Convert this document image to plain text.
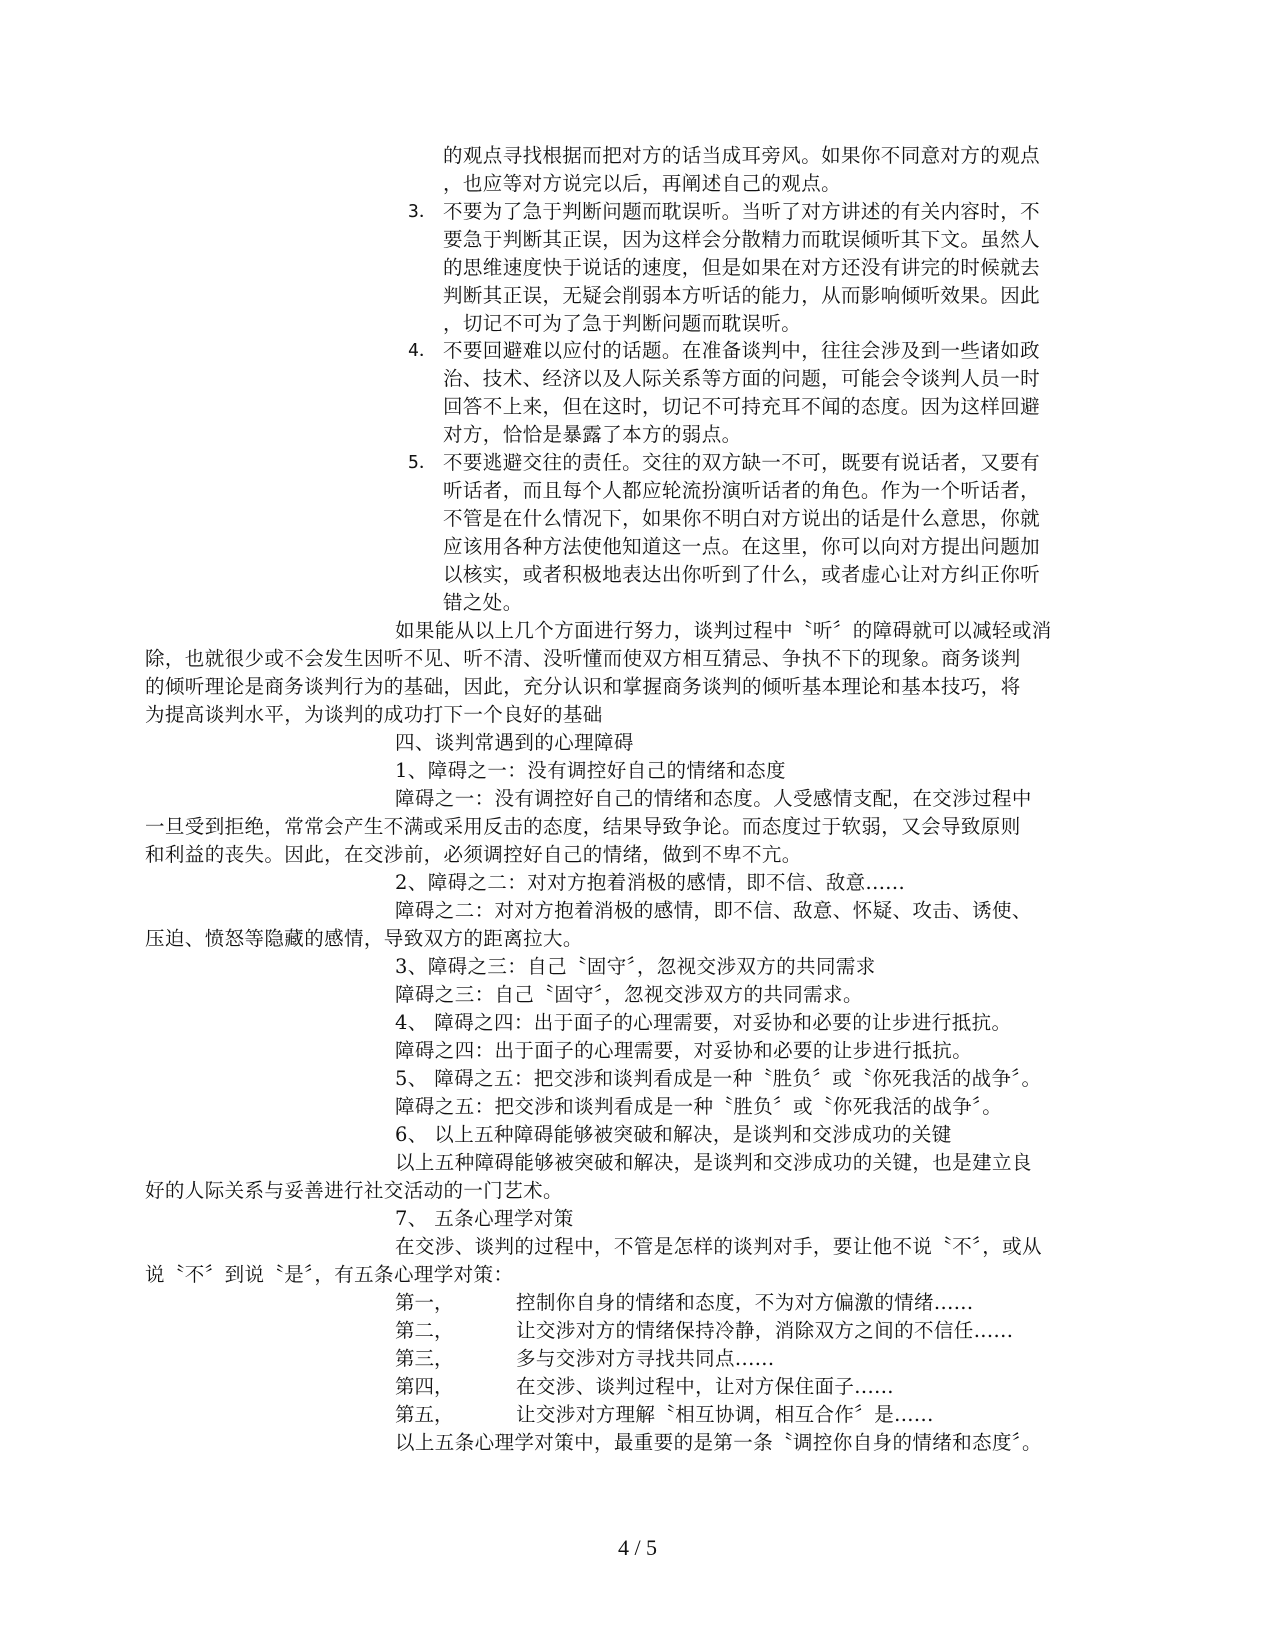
的观点寻找根据而把对方的话当成耳旁风。如果你不同意对方的观点
，也应等对方说完以后，再阐述自己的观点。
3． 不要为了急于判断问题而耽误听。当听了对方讲述的有关内容时，不
要急于判断其正误，因为这样会分散精力而耽误倾听其下文。虽然人
的思维速度快于说话的速度，但是如果在对方还没有讲完的时候就去
判断其正误，无疑会削弱本方听话的能力，从而影响倾听效果。因此
，切记不可为了急于判断问题而耽误听。
4． 不要回避难以应付的话题。在准备谈判中，往往会涉及到一些诸如政
治、技术、经济以及人际关系等方面的问题，可能会令谈判人员一时
回答不上来，但在这时，切记不可持充耳不闻的态度。因为这样回避
对方，恰恰是暴露了本方的弱点。
5． 不要逃避交往的责任。交往的双方缺一不可，既要有说话者，又要有
听话者，而且每个人都应轮流扮演听话者的角色。作为一个听话者，
不管是在什么情况下，如果你不明白对方说出的话是什么意思，你就
应该用各种方法使他知道这一点。在这里，你可以向对方提出问题加
以核实，或者积极地表达出你听到了什么，或者虚心让对方纠正你听
错之处。
如果能从以上几个方面进行努力，谈判过程中〝听〞的障碍就可以减轻或消
除，也就很少或不会发生因听不见、听不清、没听懂而使双方相互猜忌、争执不下的现象。商务谈判
的倾听理论是商务谈判行为的基础，因此，充分认识和掌握商务谈判的倾听基本理论和基本技巧，将
为提高谈判水平，为谈判的成功打下一个良好的基础
四、谈判常遇到的心理障碍
1、障碍之一：没有调控好自己的情绪和态度
障碍之一：没有调控好自己的情绪和态度。人受感情支配，在交涉过程中
一旦受到拒绝，常常会产生不满或采用反击的态度，结果导致争论。而态度过于软弱，又会导致原则
和利益的丧失。因此，在交涉前，必须调控好自己的情绪，做到不卑不亢。
2、障碍之二：对对方抱着消极的感情，即不信、敌意......
障碍之二：对对方抱着消极的感情，即不信、敌意、怀疑、攻击、诱使、
压迫、愤怒等隐藏的感情，导致双方的距离拉大。
3、障碍之三：自己〝固守〞，忽视交涉双方的共同需求
障碍之三：自己〝固守〞，忽视交涉双方的共同需求。
4、 障碍之四：出于面子的心理需要，对妥协和必要的让步进行抵抗。
障碍之四：出于面子的心理需要，对妥协和必要的让步进行抵抗。
5、 障碍之五：把交涉和谈判看成是一种〝胜负〞或〝你死我活的战争〞。
障碍之五：把交涉和谈判看成是一种〝胜负〞或〝你死我活的战争〞。
6、 以上五种障碍能够被突破和解决，是谈判和交涉成功的关键
以上五种障碍能够被突破和解决，是谈判和交涉成功的关键，也是建立良
好的人际关系与妥善进行社交活动的一门艺术。
7、 五条心理学对策
在交涉、谈判的过程中，不管是怎样的谈判对手，要让他不说〝不〞，或从
说〝不〞到说〝是〞，有五条心理学对策：
第一，	控制你自身的情绪和态度，不为对方偏激的情绪......
第二，	让交涉对方的情绪保持冷静，消除双方之间的不信任......
第三，	多与交涉对方寻找共同点......
第四，	在交涉、谈判过程中，让对方保住面子......
第五，	让交涉对方理解〝相互协调，相互合作〞是......
以上五条心理学对策中，最重要的是第一条〝调控你自身的情绪和态度〞。
4 / 5
